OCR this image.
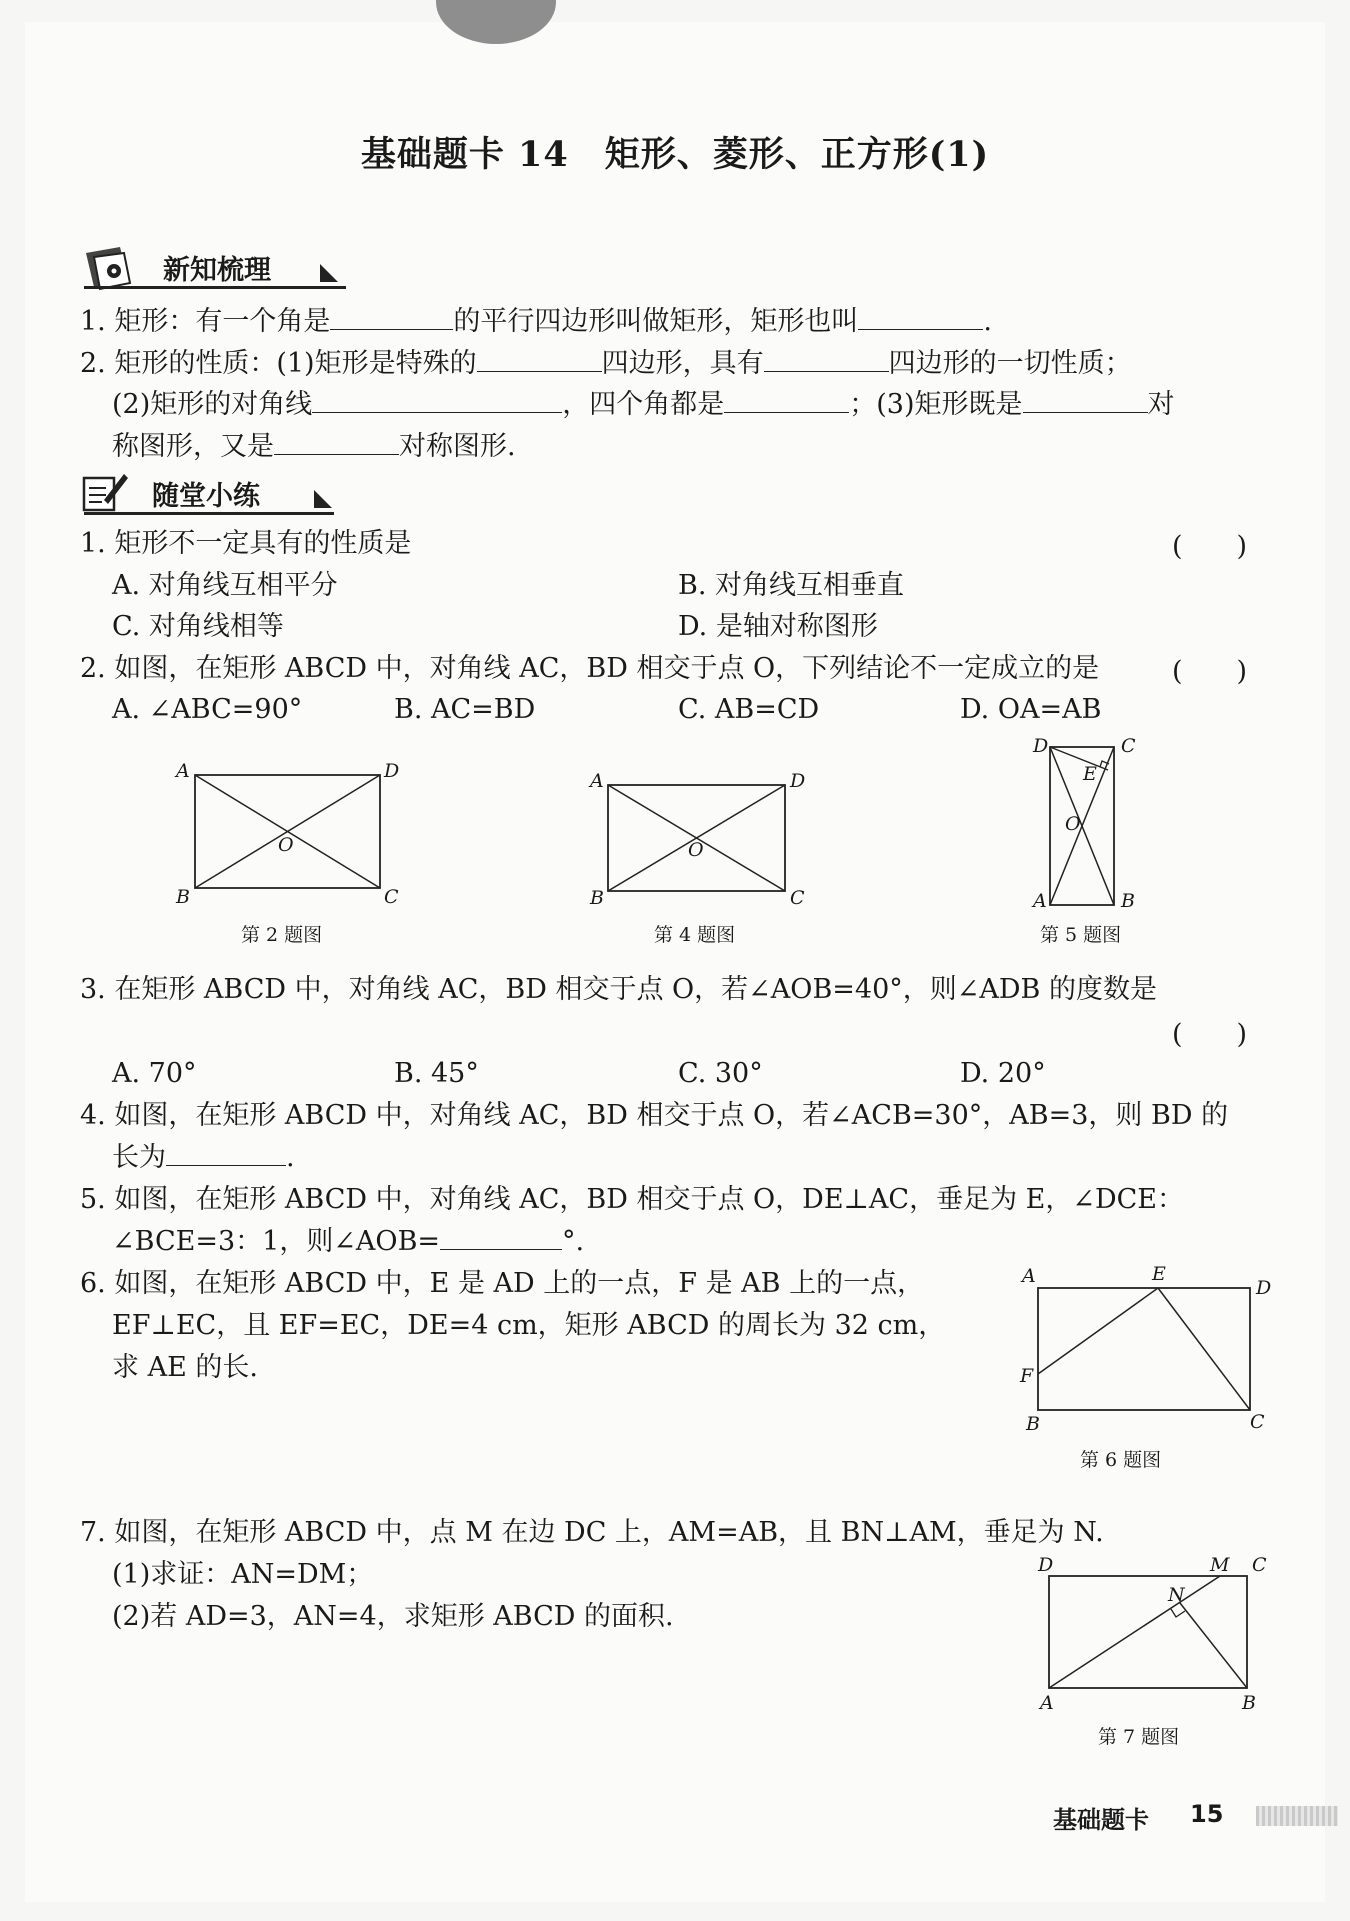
基础题卡 14　矩形、菱形、正方形(1)
新知梳理
1. 矩形：有一个角是	的平行四边形叫做矩形，矩形也叫	.
2. 矩形的性质：(1)矩形是特殊的	四边形，具有	四边形的一切性质；
(2)矩形的对角线	，四个角都是	；(3)矩形既是	对
称图形，又是	对称图形.
随堂小练
1. 矩形不一定具有的性质是	(　　)
A. 对角线互相平分	B. 对角线互相垂直
C. 对角线相等	D. 是轴对称图形
2. 如图，在矩形 ABCD 中，对角线 AC，BD 相交于点 O，下列结论不一定成立的是	(　　)
A. ∠ABC=90°	B. AC=BD	C. AB=CD	D. OA=AB
A	D
B	C
O
第 2 题图
A	D
B	C
O
第 4 题图
D	C
E
O
A	B
第 5 题图
3. 在矩形 ABCD 中，对角线 AC，BD 相交于点 O，若∠AOB=40°，则∠ADB 的度数是
(　　)
A. 70°	B. 45°	C. 30°	D. 20°
4. 如图，在矩形 ABCD 中，对角线 AC，BD 相交于点 O，若∠ACB=30°，AB=3，则 BD 的
长为	.
5. 如图，在矩形 ABCD 中，对角线 AC，BD 相交于点 O，DE⊥AC，垂足为 E，∠DCE：
∠BCE=3：1，则∠AOB=	°.
6. 如图，在矩形 ABCD 中，E 是 AD 上的一点，F 是 AB 上的一点，
EF⊥EC，且 EF=EC，DE=4 cm，矩形 ABCD 的周长为 32 cm，
求 AE 的长.
A	E
D
F
B	C
第 6 题图
7. 如图，在矩形 ABCD 中，点 M 在边 DC 上，AM=AB，且 BN⊥AM，垂足为 N.
(1)求证：AN=DM；
(2)若 AD=3，AN=4，求矩形 ABCD 的面积.
D	M C
N
A	B
第 7 题图
基础题卡 15
